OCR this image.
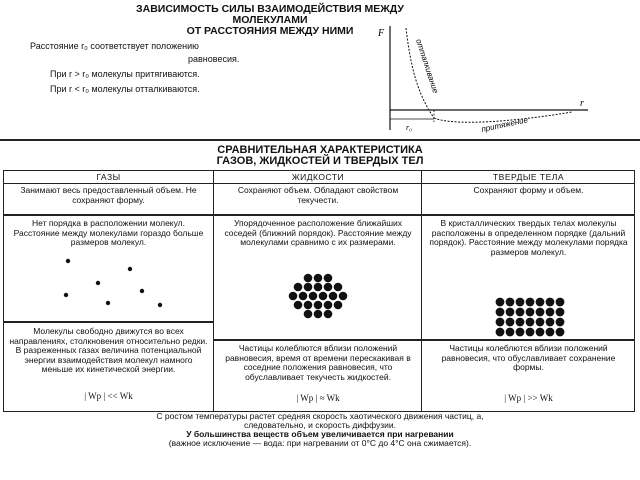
ЗАВИСИМОСТЬ СИЛЫ ВЗАИМОДЕЙСТВИЯ МЕЖДУ МОЛЕКУЛАМИ
ОТ РАССТОЯНИЯ МЕЖДУ НИМИ
Расстояние r₀ соответствует положению
равновесия.
При r > r₀ молекулы притягиваются.
При r < r₀ молекулы отталкиваются.
F
r
r₀
отталкивание
притяжение
СРАВНИТЕЛЬНАЯ ХАРАКТЕРИСТИКА
ГАЗОВ, ЖИДКОСТЕЙ И ТВЕРДЫХ ТЕЛ
ГАЗЫ
Занимают весь предоставленный объем. Не сохраняют форму.
Нет порядка в расположении молекул. Расстояние между молекулами гораздо больше размеров молекул.
Молекулы свободно движутся во всех направлениях, столкновения относительно редки. В разреженных газах величина потенциальной энергии взаимодействия молекул намного меньше их кинетической энергии.
| Wp | << Wk
ЖИДКОСТИ
Сохраняют объем. Обладают свойством текучести.
Упорядоченное расположение ближайших соседей (ближний порядок). Расстояние между молекулами сравнимо с их размерами.
Частицы колеблются вблизи положений равновесия, время от времени перескакивая в соседние положения равновесия, что обуславливает текучесть жидкостей.
| Wp | ≈ Wk
ТВЕРДЫЕ ТЕЛА
Сохраняют форму и объем.
В кристаллических твердых телах молекулы расположены в определенном порядке (дальний порядок). Расстояние между молекулами порядка размеров молекул.
Частицы колеблются вблизи положений равновесия, что обуславливает сохранение формы.
| Wp | >> Wk
С ростом температуры растет средняя скорость хаотического движения частиц, а,
следовательно, и скорость диффузии.
У большинства веществ объем увеличивается при нагревании
(важное исключение — вода: при нагревании от 0°С до 4°С она сжимается).
